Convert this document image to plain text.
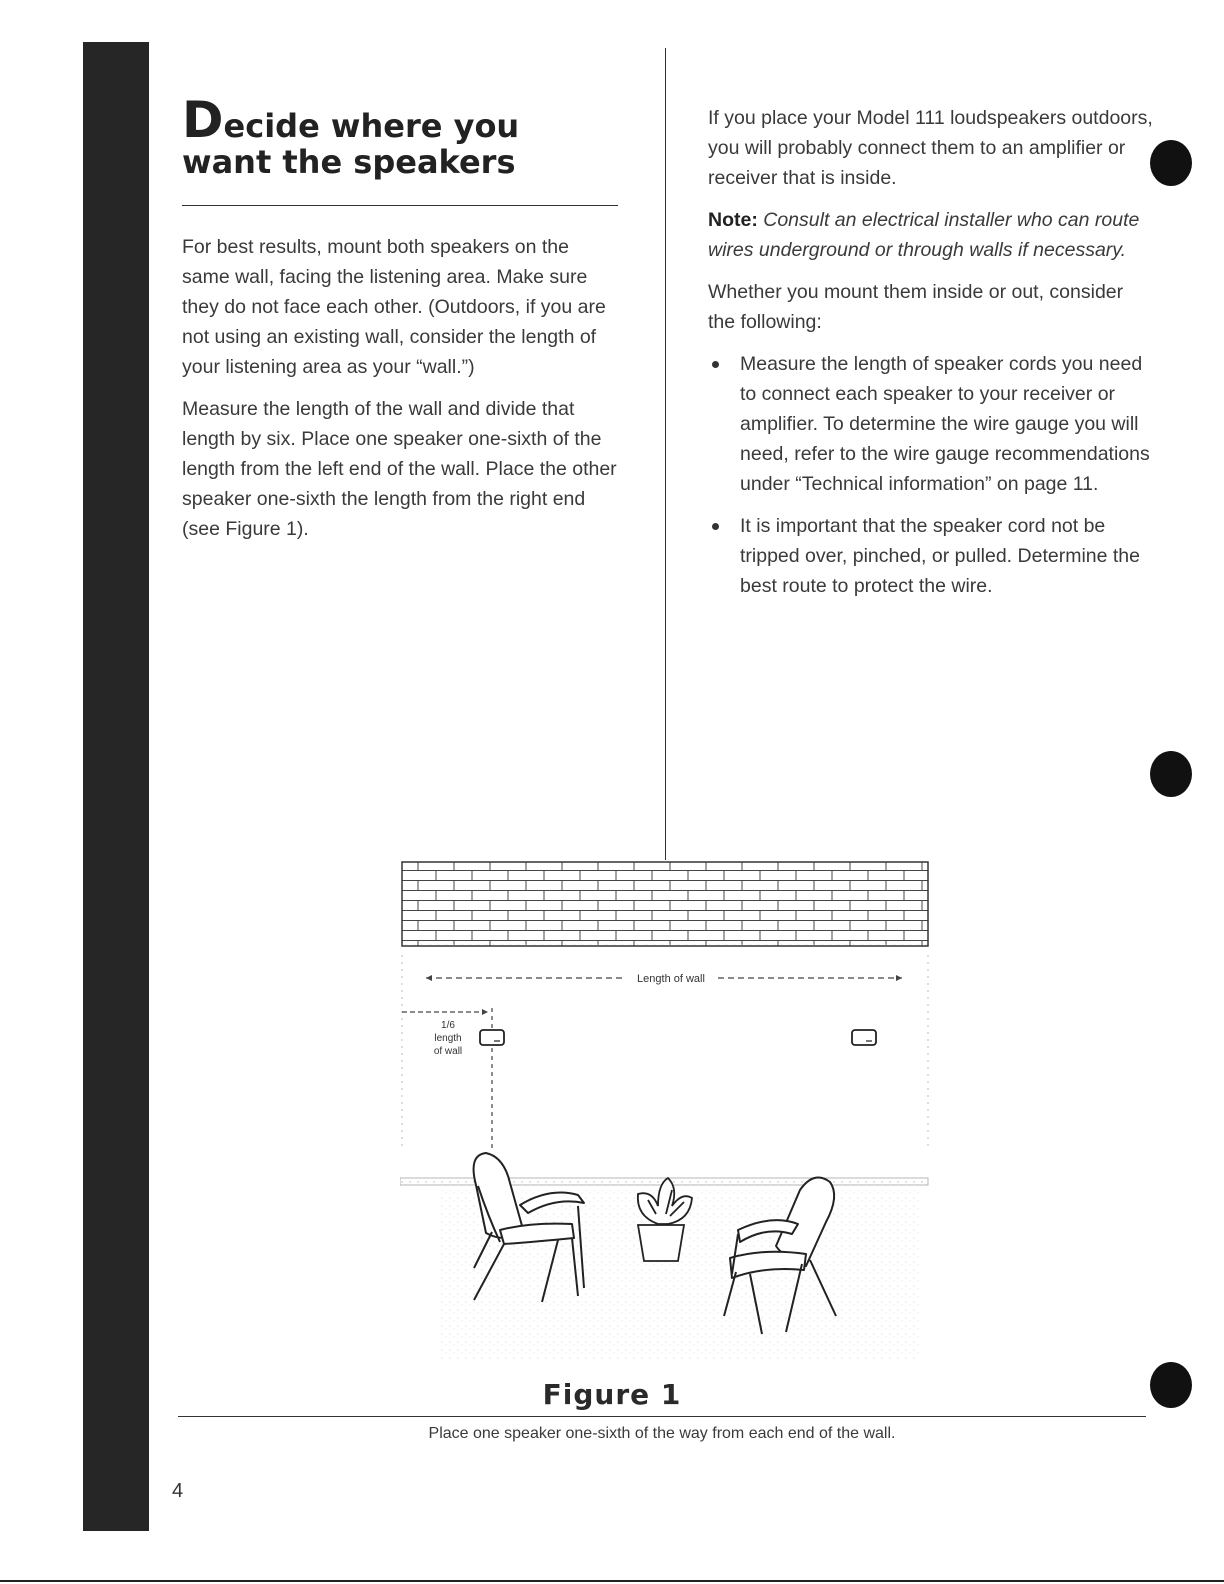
Decide where you
want the speakers

For best results, mount both speakers on the same wall, facing the listening area. Make sure they do not face each other. (Outdoors, if you are not using an existing wall, consider the length of your listening area as your “wall.”)

Measure the length of the wall and divide that length by six. Place one speaker one-sixth of the length from the left end of the wall. Place the other speaker one-sixth the length from the right end (see Figure 1).

If you place your Model 111 loudspeakers outdoors, you will probably connect them to an amplifier or receiver that is inside.

Note: Consult an electrical installer who can route wires underground or through walls if necessary.

Whether you mount them inside or out, consider the following:

Measure the length of speaker cords you need to connect each speaker to your receiver or amplifier. To determine the wire gauge you will need, refer to the wire gauge recommendations under “Technical information” on page 11.
It is important that the speaker cord not be tripped over, pinched, or pulled. Determine the best route to protect the wire.
Length of wall
1/6
length
of wall

Figure 1

Place one speaker one-sixth of the way from each end of the wall.

4
